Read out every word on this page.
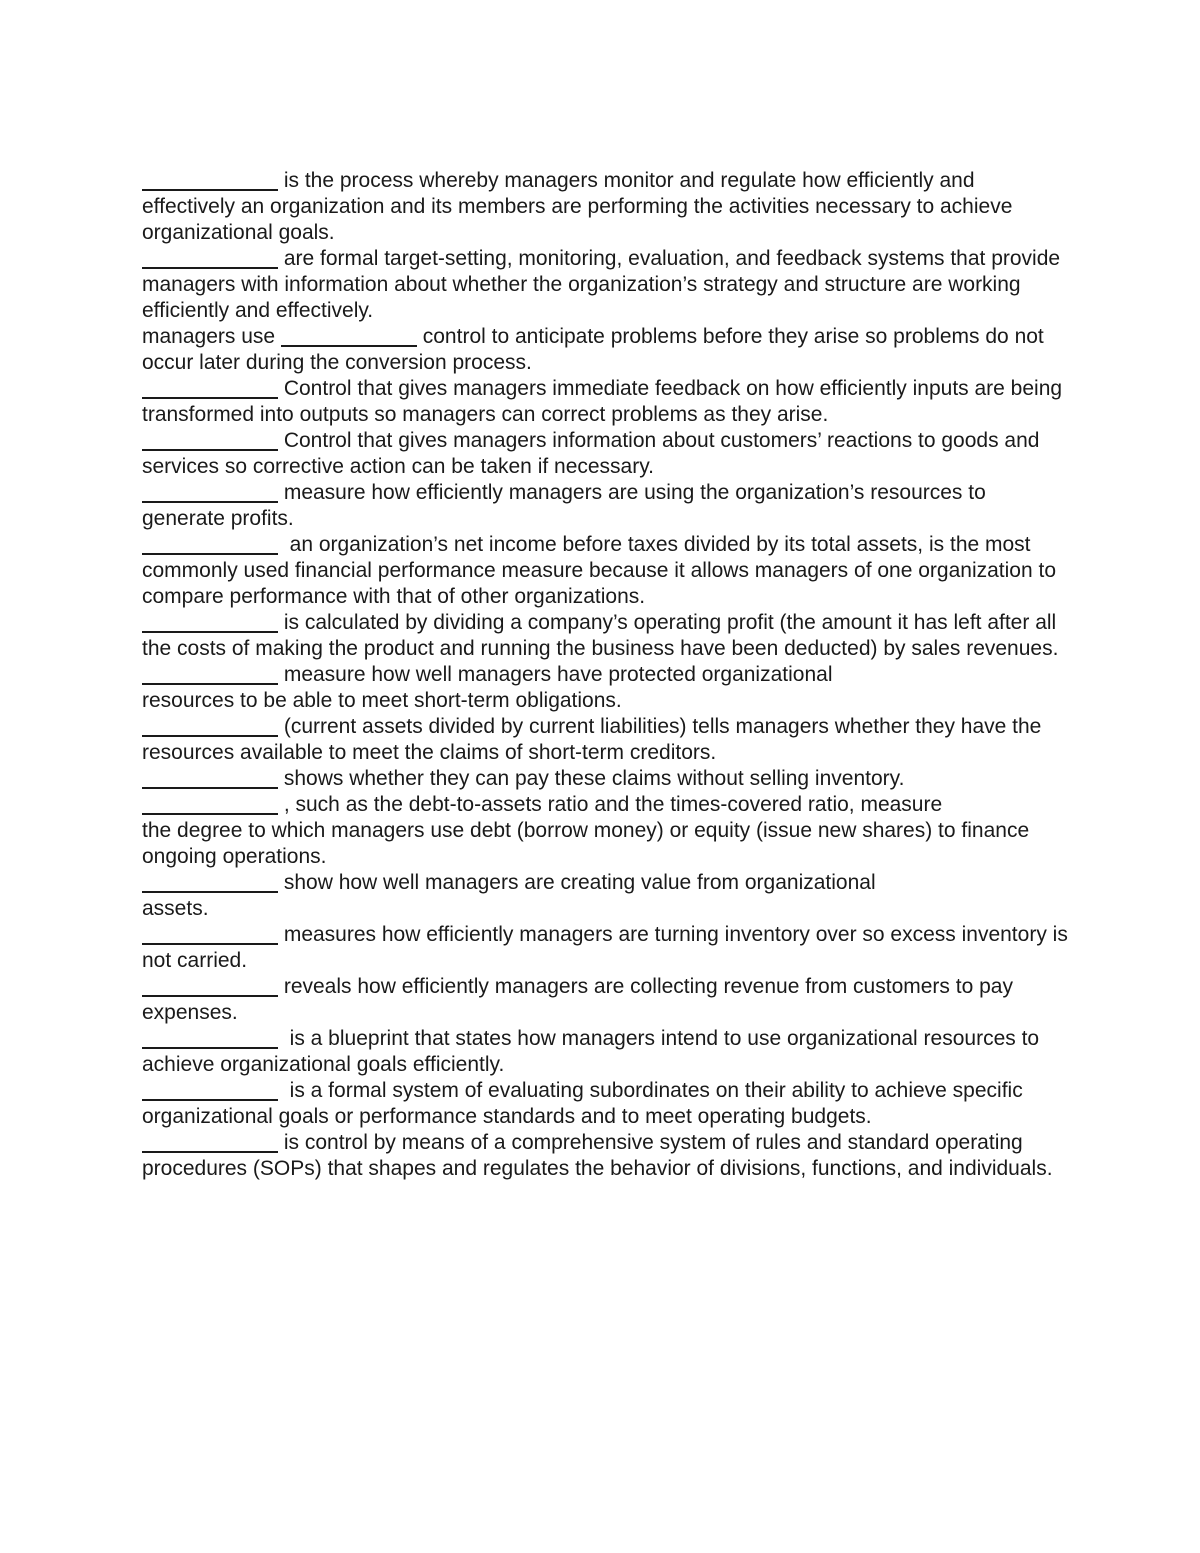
is the process whereby managers monitor and regulate how efficiently and effectively an organization and its members are performing the activities necessary to achieve organizational goals.

are formal target-setting, monitoring, evaluation, and feedback systems that provide managers with information about whether the organization’s strategy and structure are working efficiently and effectively.

managers use	control to anticipate problems before they arise so problems do not occur later during the conversion process.

Control that gives managers immediate feedback on how efficiently inputs are being transformed into outputs so managers can correct problems as they arise.

Control that gives managers information about customers’ reactions to goods and services so corrective action can be taken if necessary.

measure how efficiently managers are using the organization’s resources to generate profits.

an organization’s net income before taxes divided by its total assets, is the most commonly used financial performance measure because it allows managers of one organization to compare performance with that of other organizations.

is calculated by dividing a company’s operating profit (the amount it has left after all the costs of making the product and running the business have been deducted) by sales revenues.

measure how well managers have protected organizational
resources to be able to meet short-term obligations.

(current assets divided by current liabilities) tells managers whether they have the resources available to meet the claims of short-term creditors.

shows whether they can pay these claims without selling inventory.

, such as the debt-to-assets ratio and the times-covered ratio, measure
the degree to which managers use debt (borrow money) or equity (issue new shares) to finance ongoing operations.

show how well managers are creating value from organizational
assets.

measures how efficiently managers are turning inventory over so excess inventory is not carried.

reveals how efficiently managers are collecting revenue from customers to pay expenses.

is a blueprint that states how managers intend to use organizational resources to achieve organizational goals efficiently.

is a formal system of evaluating subordinates on their ability to achieve specific organizational goals or performance standards and to meet operating budgets.

is control by means of a comprehensive system of rules and standard operating procedures (SOPs) that shapes and regulates the behavior of divisions, functions, and individuals.
